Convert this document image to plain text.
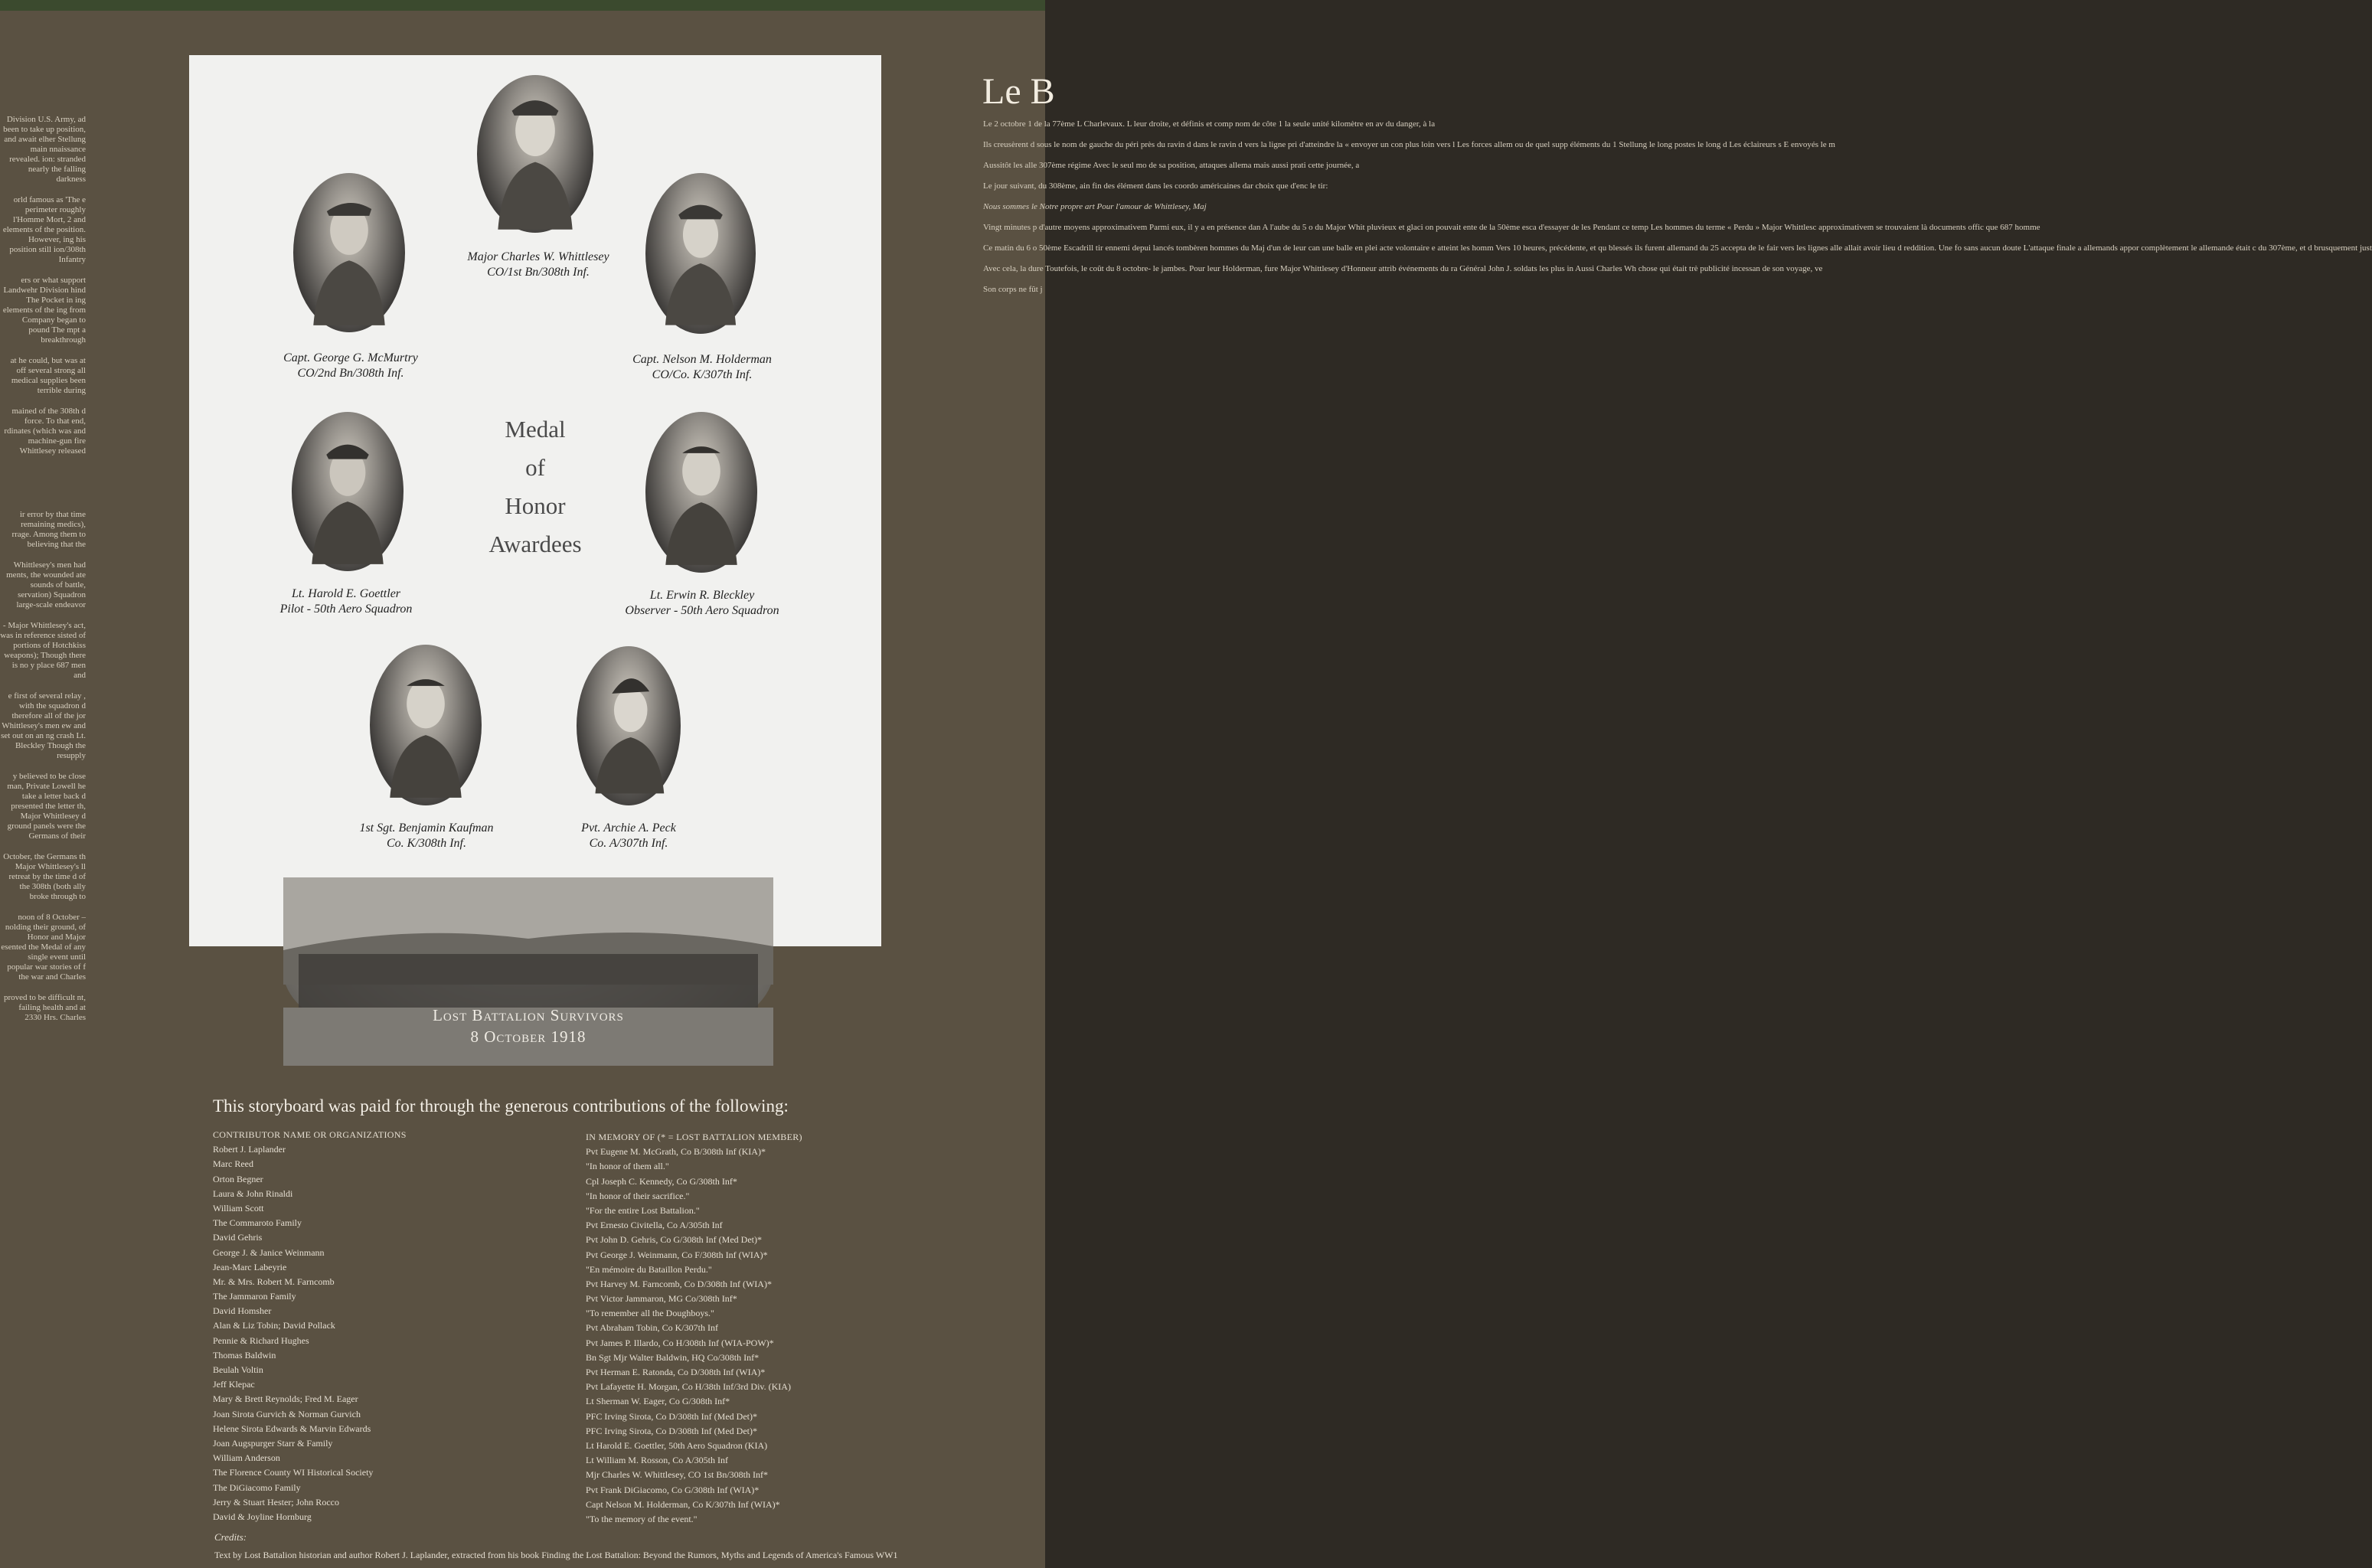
Division U.S. Army, ad been to take up position, and await elher Stellung main nnaissance revealed. ion: stranded nearly the falling darkness

orld famous as 'The e perimeter roughly l'Homme Mort, 2 and elements of the position. However, ing his position still ion/308th Infantry

ers or what support Landwehr Division hind The Pocket in ing elements of the ing from Company began to pound The mpt a breakthrough

at he could, but was at off several strong all medical supplies been terrible during

mained of the 308th d force. To that end, rdinates (which was and machine-gun fire Whittlesey released

ir error by that time remaining medics), rrage. Among them to believing that the

Whittlesey's men had ments, the wounded ate sounds of battle, servation) Squadron large-scale endeavor

- Major Whittlesey's act, was in reference sisted of portions of Hotchkiss weapons); Though there is no y place 687 men and

e first of several relay , with the squadron d therefore all of the jor Whittlesey's men ew and set out on an ng crash Lt. Bleckley Though the resupply

y believed to be close man, Private Lowell he take a letter back d presented the letter th, Major Whittlesey d ground panels were the Germans of their

October, the Germans th Major Whittlesey's ll retreat by the time d of the 308th (both ally broke through to

noon of 8 October – nolding their ground, of Honor and Major esented the Medal of any single event until popular war stories of f the war and Charles

proved to be difficult nt, failing health and at 2330 Hrs. Charles

Le B

Le 2 octobre 1 de la 77ème L Charlevaux. L leur droite, et définis et comp nom de côte 1 la seule unité kilomètre en av du danger, à la

Ils creusèrent d sous le nom de gauche du péri près du ravin d dans le ravin d vers la ligne pri d'atteindre la « envoyer un con plus loin vers l Les forces allem ou de quel supp éléments du 1 Stellung le long postes le long d Les éclaireurs s E envoyés le m

Aussitôt les alle 307ème régime Avec le seul mo de sa position, attaques allema mais aussi prati cette journée, a

Le jour suivant, du 308ème, ain fin des élément dans les coordo américaines dar choix que d'enc le tir:

Nous sommes le Notre propre art Pour l'amour de Whittlesey, Maj

Vingt minutes p d'autre moyens approximativem Parmi eux, il y a en présence dan A l'aube du 5 o du Major Whit pluvieux et glaci on pouvait ente de la 50ème esca d'essayer de les Pendant ce temp Les hommes du terme « Perdu » Major Whittlesc approximativem se trouvaient là documents offic que 687 homme

Ce matin du 6 o 50ème Escadrill tir ennemi depui lancés tombèren hommes du Maj d'un de leur can une balle en plei acte volontaire e atteint les homm Vers 10 heures, précédente, et qu blessés ils furent allemand du 25 accepta de le fair vers les lignes alle allait avoir lieu d reddition. Une fo sans aucun doute L'attaque finale a allemands appor complètement le allemande était c du 307ème, et d brusquement just

Avec cela, la dure Toutefois, le coût du 8 octobre- le jambes. Pour leur Holderman, fure Major Whittlesey d'Honneur attrib événements du ra Général John J. soldats les plus in Aussi Charles Wh chose qui était trè publicité incessan de son voyage, ve

Son corps ne fût j

Major Charles W. Whittlesey
CO/1st Bn/308th Inf.
Capt. George G. McMurtry
CO/2nd Bn/308th Inf.
Capt. Nelson M. Holderman
CO/Co. K/307th Inf.
Lt. Harold E. Goettler
Pilot - 50th Aero Squadron
Lt. Erwin R. Bleckley
Observer - 50th Aero Squadron
1st Sgt. Benjamin Kaufman
Co. K/308th Inf.
Pvt. Archie A. Peck
Co. A/307th Inf.
Medal
of
Honor
Awardees
Lost Battalion Survivors
8 October 1918
This storyboard was paid for through the generous contributions of the following:
CONTRIBUTOR NAME OR ORGANIZATIONS
Robert J. Laplander
Marc Reed
Orton Begner
Laura & John Rinaldi
William Scott
The Commaroto Family
David Gehris
George J. & Janice Weinmann
Jean-Marc Labeyrie
Mr. & Mrs. Robert M. Farncomb
The Jammaron Family
David Homsher
Alan & Liz Tobin; David Pollack
Pennie & Richard Hughes
Thomas Baldwin
Beulah Voltin
Jeff Klepac
Mary & Brett Reynolds; Fred M. Eager
Joan Sirota Gurvich & Norman Gurvich
Helene Sirota Edwards & Marvin Edwards
Joan Augspurger Starr & Family
William Anderson
The Florence County WI Historical Society
The DiGiacomo Family
Jerry & Stuart Hester; John Rocco
David & Joyline Hornburg
IN MEMORY OF (* = LOST BATTALION MEMBER)
Pvt Eugene M. McGrath, Co B/308th Inf (KIA)*
"In honor of them all."
Cpl Joseph C. Kennedy, Co G/308th Inf*
"In honor of their sacrifice."
"For the entire Lost Battalion."
Pvt Ernesto Civitella, Co A/305th Inf
Pvt John D. Gehris, Co G/308th Inf (Med Det)*
Pvt George J. Weinmann, Co F/308th Inf (WIA)*
"En mémoire du Bataillon Perdu."
Pvt Harvey M. Farncomb, Co D/308th Inf (WIA)*
Pvt Victor Jammaron, MG Co/308th Inf*
"To remember all the Doughboys."
Pvt Abraham Tobin, Co K/307th Inf
Pvt James P. Illardo, Co H/308th Inf (WIA-POW)*
Bn Sgt Mjr Walter Baldwin, HQ Co/308th Inf*
Pvt Herman E. Ratonda, Co D/308th Inf (WIA)*
Pvt Lafayette H. Morgan, Co H/38th Inf/3rd Div. (KIA)
Lt Sherman W. Eager, Co G/308th Inf*
PFC Irving Sirota, Co D/308th Inf (Med Det)*
PFC Irving Sirota, Co D/308th Inf (Med Det)*
Lt Harold E. Goettler, 50th Aero Squadron (KIA)
Lt William M. Rosson, Co A/305th Inf
Mjr Charles W. Whittlesey, CO 1st Bn/308th Inf*
Pvt Frank DiGiacomo, Co G/308th Inf (WIA)*
Capt Nelson M. Holderman, Co K/307th Inf (WIA)*
"To the memory of the event."
Credits:
Text by Lost Battalion historian and author Robert J. Laplander, extracted from his book Finding the Lost Battalion: Beyond the Rumors, Myths and Legends of America's Famous WW1
